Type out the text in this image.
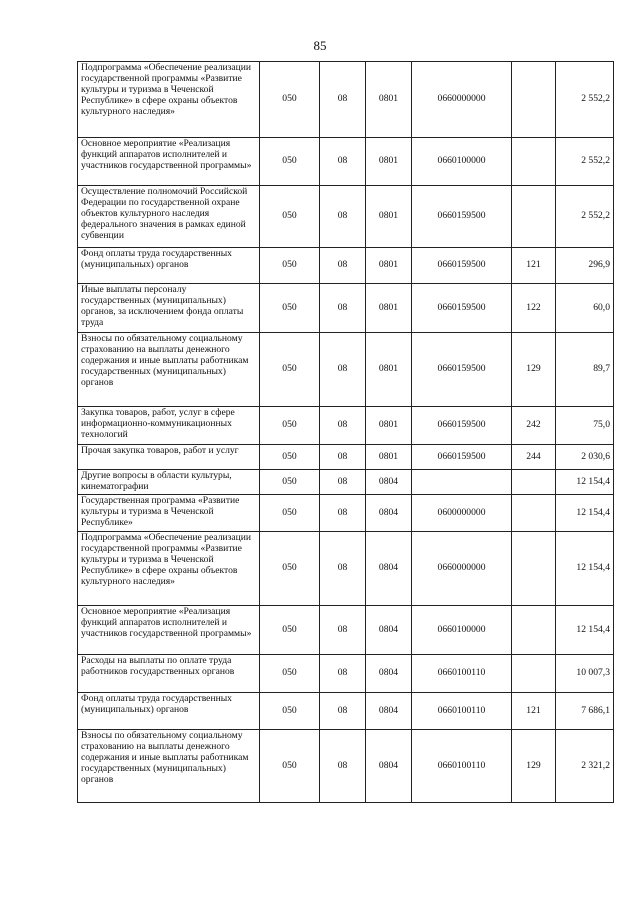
85
Подпрограмма «Обеспечение реализации государственной программы «Развитие культуры и туризма в Чеченской Республике» в сфере охраны объектов культурного наследия»	050	08	0801	0660000000		2 552,2
Основное мероприятие «Реализация функций аппаратов исполнителей и участников государственной программы»	050	08	0801	0660100000		2 552,2
Осуществление полномочий Российской Федерации по государственной охране объектов культурного наследия федерального значения в рамках единой субвенции	050	08	0801	0660159500		2 552,2
Фонд оплаты труда государственных (муниципальных) органов	050	08	0801	0660159500	121	296,9
Иные выплаты персоналу государственных (муниципальных) органов, за исключением фонда оплаты труда	050	08	0801	0660159500	122	60,0
Взносы по обязательному социальному страхованию на выплаты денежного содержания и иные выплаты работникам государственных (муниципальных) органов	050	08	0801	0660159500	129	89,7
Закупка товаров, работ, услуг в сфере информационно-коммуникационных технологий	050	08	0801	0660159500	242	75,0
Прочая закупка товаров, работ и услуг	050	08	0801	0660159500	244	2 030,6
Другие вопросы в области культуры, кинематографии	050	08	0804			12 154,4
Государственная программа «Развитие культуры и туризма в Чеченской Республике»	050	08	0804	0600000000		12 154,4
Подпрограмма «Обеспечение реализации государственной программы «Развитие культуры и туризма в Чеченской Республике» в сфере охраны объектов культурного наследия»	050	08	0804	0660000000		12 154,4
Основное мероприятие «Реализация функций аппаратов исполнителей и участников государственной программы»	050	08	0804	0660100000		12 154,4
Расходы на выплаты по оплате труда работников государственных органов	050	08	0804	0660100110		10 007,3
Фонд оплаты труда государственных (муниципальных) органов	050	08	0804	0660100110	121	7 686,1
Взносы по обязательному социальному страхованию на выплаты денежного содержания и иные выплаты работникам государственных (муниципальных) органов	050	08	0804	0660100110	129	2 321,2
